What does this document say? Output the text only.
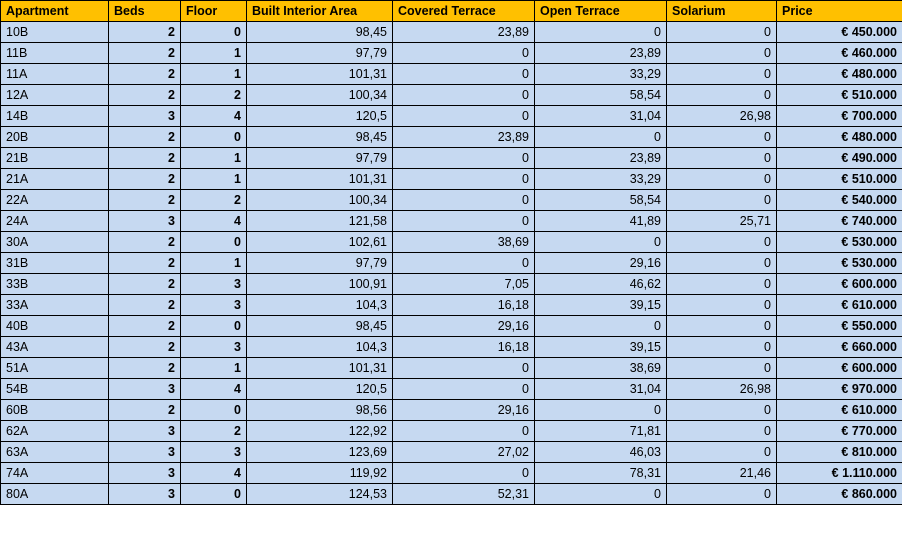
Apartment	Beds	Floor	Built Interior Area	Covered Terrace	Open Terrace	Solarium	Price
10B	2	0	98,45	23,89	0	0	€ 450.000
11B	2	1	97,79	0	23,89	0	€ 460.000
11A	2	1	101,31	0	33,29	0	€ 480.000
12A	2	2	100,34	0	58,54	0	€ 510.000
14B	3	4	120,5	0	31,04	26,98	€ 700.000
20B	2	0	98,45	23,89	0	0	€ 480.000
21B	2	1	97,79	0	23,89	0	€ 490.000
21A	2	1	101,31	0	33,29	0	€ 510.000
22A	2	2	100,34	0	58,54	0	€ 540.000
24A	3	4	121,58	0	41,89	25,71	€ 740.000
30A	2	0	102,61	38,69	0	0	€ 530.000
31B	2	1	97,79	0	29,16	0	€ 530.000
33B	2	3	100,91	7,05	46,62	0	€ 600.000
33A	2	3	104,3	16,18	39,15	0	€ 610.000
40B	2	0	98,45	29,16	0	0	€ 550.000
43A	2	3	104,3	16,18	39,15	0	€ 660.000
51A	2	1	101,31	0	38,69	0	€ 600.000
54B	3	4	120,5	0	31,04	26,98	€ 970.000
60B	2	0	98,56	29,16	0	0	€ 610.000
62A	3	2	122,92	0	71,81	0	€ 770.000
63A	3	3	123,69	27,02	46,03	0	€ 810.000
74A	3	4	119,92	0	78,31	21,46	€ 1.110.000
80A	3	0	124,53	52,31	0	0	€ 860.000
